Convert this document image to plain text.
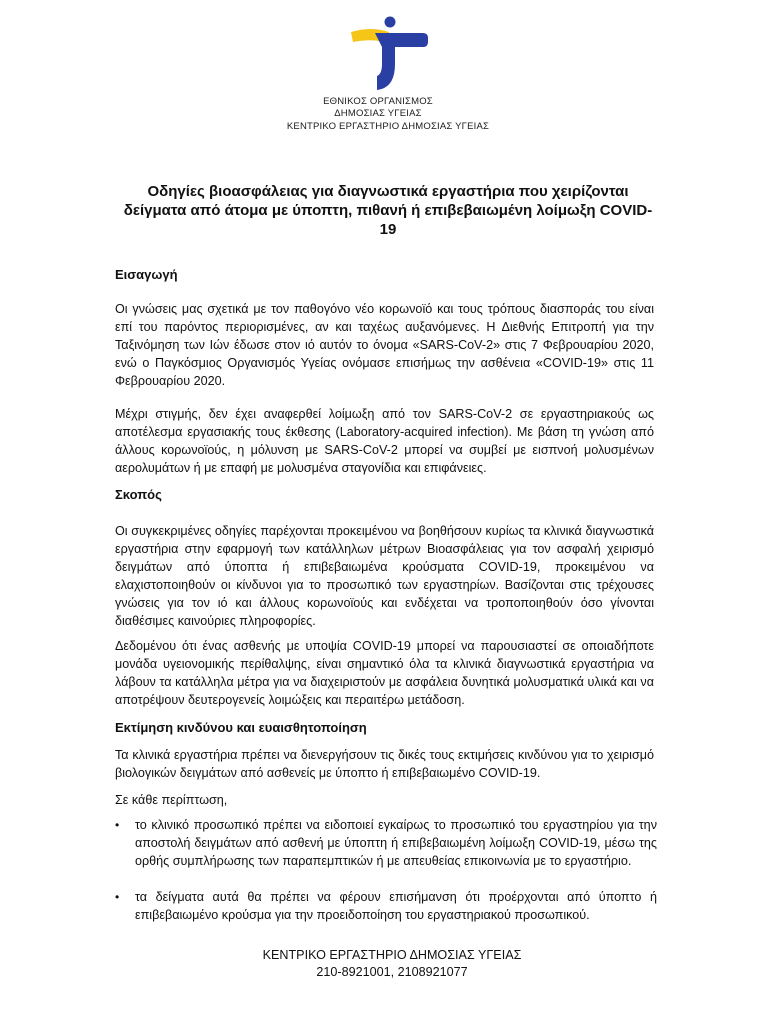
ΕΘΝΙΚΟΣ ΟΡΓΑΝΙΣΜΟΣ
ΔΗΜΟΣΙΑΣ ΥΓΕΙΑΣ
ΚΕΝΤΡΙΚΟ ΕΡΓΑΣΤΗΡΙΟ ΔΗΜΟΣΙΑΣ ΥΓΕΙΑΣ
Οδηγίες βιοασφάλειας για διαγνωστικά εργαστήρια που χειρίζονται δείγματα από άτομα με ύποπτη, πιθανή ή επιβεβαιωμένη λοίμωξη COVID-19
Εισαγωγή
Οι γνώσεις μας σχετικά με τον παθογόνο νέο κορωνοϊό και τους τρόπους διασποράς του είναι επί του παρόντος περιορισμένες, αν και ταχέως αυξανόμενες. Η Διεθνής Επιτροπή για την Ταξινόμηση των Ιών έδωσε στον ιό αυτόν το όνομα «SARS-CoV-2» στις 7 Φεβρουαρίου 2020, ενώ ο Παγκόσμιος Οργανισμός Υγείας ονόμασε επισήμως την ασθένεια «COVID-19» στις 11 Φεβρουαρίου 2020.
Μέχρι στιγμής, δεν έχει αναφερθεί λοίμωξη από τον SARS-CoV-2 σε εργαστηριακούς ως αποτέλεσμα εργασιακής τους έκθεσης (Laboratory-acquired infection). Με βάση τη γνώση από άλλους κορωνοϊούς, η μόλυνση με SARS-CoV-2 μπορεί να συμβεί με εισπνοή μολυσμένων αερολυμάτων ή με επαφή με μολυσμένα σταγονίδια και επιφάνειες.
Σκοπός
Οι συγκεκριμένες οδηγίες παρέχονται προκειμένου να βοηθήσουν κυρίως τα κλινικά διαγνωστικά εργαστήρια στην εφαρμογή των κατάλληλων μέτρων Βιοασφάλειας για τον ασφαλή χειρισμό δειγμάτων από ύποπτα ή επιβεβαιωμένα κρούσματα COVID-19, προκειμένου να ελαχιστοποιηθούν οι κίνδυνοι για το προσωπικό των εργαστηρίων. Βασίζονται στις τρέχουσες γνώσεις για τον ιό και άλλους κορωνοϊούς και ενδέχεται να τροποποιηθούν όσο γίνονται διαθέσιμες καινούριες πληροφορίες.
Δεδομένου ότι ένας ασθενής με υποψία COVID-19 μπορεί να παρουσιαστεί σε οποιαδήποτε μονάδα υγειονομικής περίθαλψης, είναι σημαντικό όλα τα κλινικά διαγνωστικά εργαστήρια να λάβουν τα κατάλληλα μέτρα για να διαχειριστούν με ασφάλεια δυνητικά μολυσματικά υλικά και να αποτρέψουν δευτερογενείς λοιμώξεις και περαιτέρω μετάδοση.
Εκτίμηση κινδύνου και ευαισθητοποίηση
Τα κλινικά εργαστήρια πρέπει να διενεργήσουν τις δικές τους εκτιμήσεις κινδύνου για το χειρισμό βιολογικών δειγμάτων από ασθενείς με ύποπτο ή επιβεβαιωμένο COVID-19.
Σε κάθε περίπτωση,
• το κλινικό προσωπικό πρέπει να ειδοποιεί εγκαίρως το προσωπικό του εργαστηρίου για την αποστολή δειγμάτων από ασθενή με ύποπτη ή επιβεβαιωμένη λοίμωξη COVID-19, μέσω της ορθής συμπλήρωσης των παραπεμπτικών ή με απευθείας επικοινωνία με το εργαστήριο.
• τα δείγματα αυτά θα πρέπει να φέρουν επισήμανση ότι προέρχονται από ύποπτο ή επιβεβαιωμένο κρούσμα για την προειδοποίηση του εργαστηριακού προσωπικού.
ΚΕΝΤΡΙΚΟ ΕΡΓΑΣΤΗΡΙΟ ΔΗΜΟΣΙΑΣ ΥΓΕΙΑΣ
210-8921001, 2108921077
